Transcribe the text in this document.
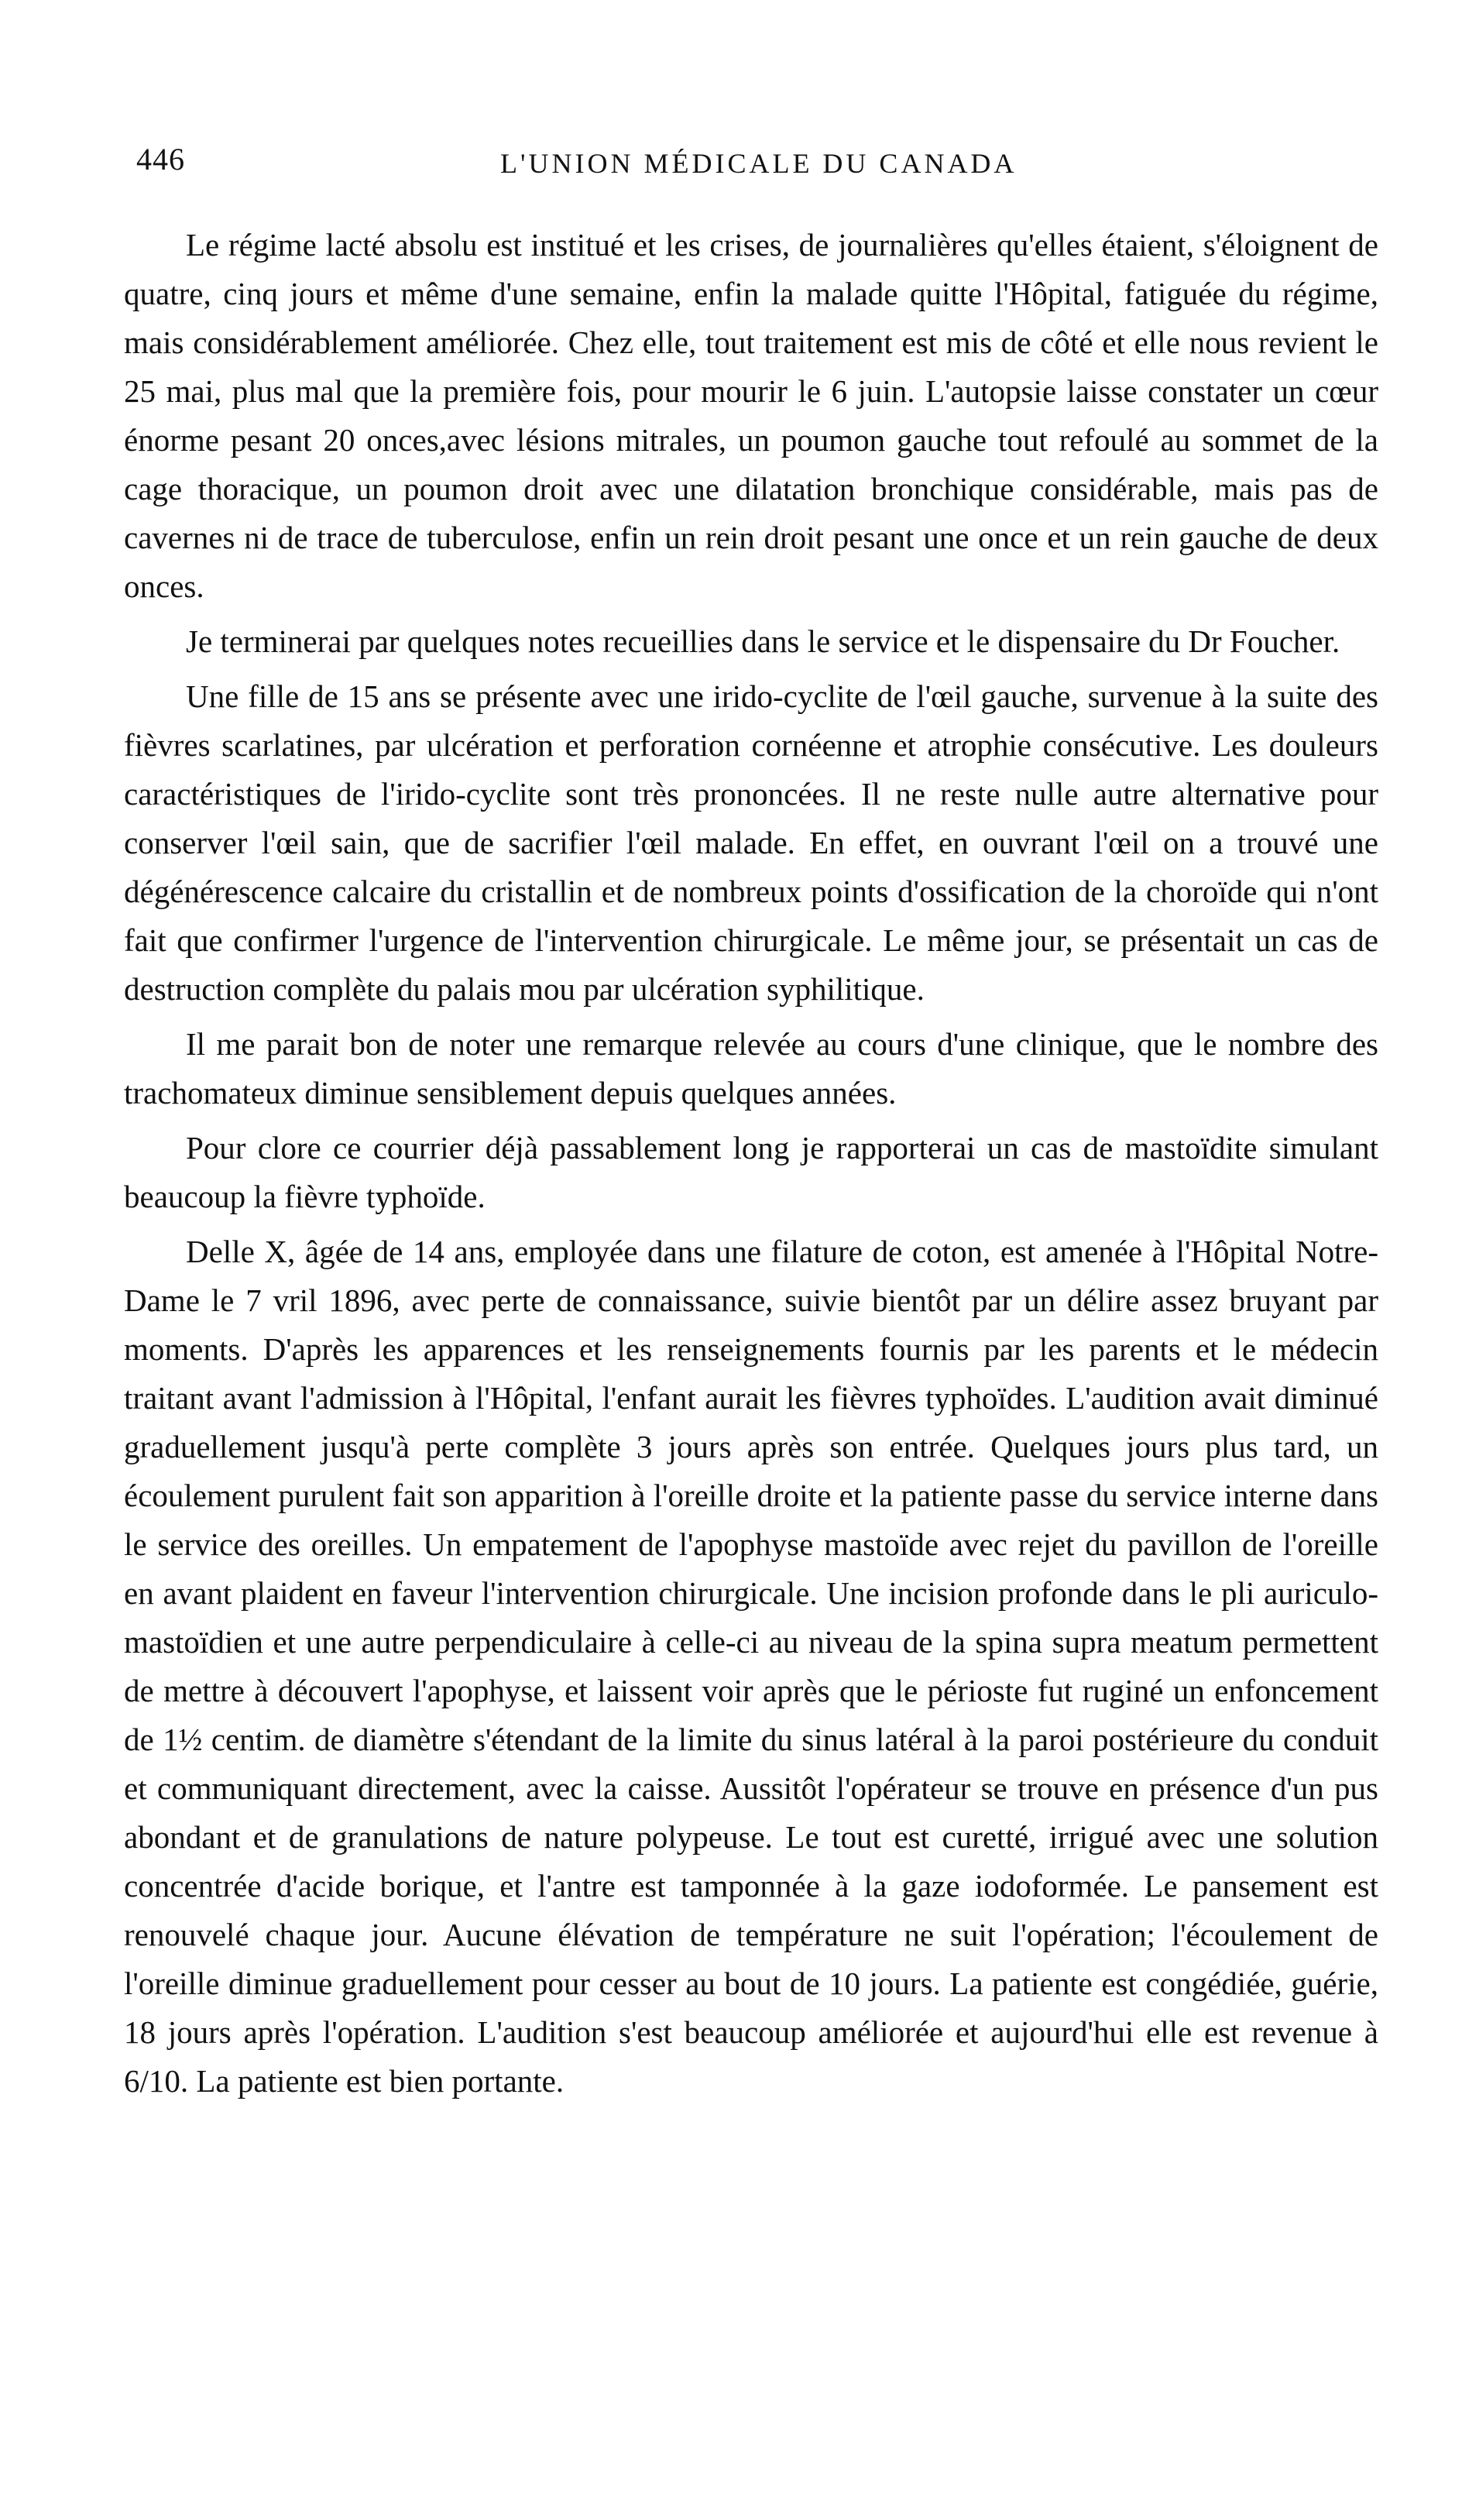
446	L'UNION MÉDICALE DU CANADA

Le régime lacté absolu est institué et les crises, de journalières qu'elles étaient, s'éloignent de quatre, cinq jours et même d'une semaine, enfin la malade quitte l'Hôpital, fatiguée du régime, mais considérablement améliorée. Chez elle, tout traitement est mis de côté et elle nous revient le 25 mai, plus mal que la première fois, pour mourir le 6 juin. L'autopsie laisse constater un cœur énorme pesant 20 onces,avec lésions mitrales, un poumon gauche tout refoulé au sommet de la cage thoracique, un poumon droit avec une dilatation bronchique considérable, mais pas de cavernes ni de trace de tuberculose, enfin un rein droit pesant une once et un rein gauche de deux onces.

Je terminerai par quelques notes recueillies dans le service et le dispensaire du Dr Foucher.

Une fille de 15 ans se présente avec une irido-cyclite de l'œil gauche, survenue à la suite des fièvres scarlatines, par ulcération et perforation cornéenne et atrophie consécutive. Les douleurs caractéristiques de l'irido-cyclite sont très prononcées. Il ne reste nulle autre alternative pour conserver l'œil sain, que de sacrifier l'œil malade. En effet, en ouvrant l'œil on a trouvé une dégénérescence calcaire du cristallin et de nombreux points d'ossification de la choroïde qui n'ont fait que confirmer l'urgence de l'intervention chirurgicale. Le même jour, se présentait un cas de destruction complète du palais mou par ulcération syphilitique.

Il me parait bon de noter une remarque relevée au cours d'une clinique, que le nombre des trachomateux diminue sensiblement depuis quelques années.

Pour clore ce courrier déjà passablement long je rapporterai un cas de mastoïdite simulant beaucoup la fièvre typhoïde.

Delle X, âgée de 14 ans, employée dans une filature de coton, est amenée à l'Hôpital Notre-Dame le 7 vril 1896, avec perte de connaissance, suivie bientôt par un délire assez bruyant par moments. D'après les apparences et les renseignements fournis par les parents et le médecin traitant avant l'admission à l'Hôpital, l'enfant aurait les fièvres typhoïdes. L'audition avait diminué graduellement jusqu'à perte complète 3 jours après son entrée. Quelques jours plus tard, un écoulement purulent fait son apparition à l'oreille droite et la patiente passe du service interne dans le service des oreilles. Un empatement de l'apophyse mastoïde avec rejet du pavillon de l'oreille en avant plaident en faveur l'intervention chirurgicale. Une incision profonde dans le pli auriculo-mastoïdien et une autre perpendiculaire à celle-ci au niveau de la spina supra meatum permettent de mettre à découvert l'apophyse, et laissent voir après que le périoste fut ruginé un enfoncement de 1½ centim. de diamètre s'étendant de la limite du sinus latéral à la paroi postérieure du conduit et communiquant directement, avec la caisse. Aussitôt l'opérateur se trouve en présence d'un pus abondant et de granulations de nature polypeuse. Le tout est curetté, irrigué avec une solution concentrée d'acide borique, et l'antre est tamponnée à la gaze iodoformée. Le pansement est renouvelé chaque jour. Aucune élévation de température ne suit l'opération; l'écoulement de l'oreille diminue graduellement pour cesser au bout de 10 jours. La patiente est congédiée, guérie, 18 jours après l'opération. L'audition s'est beaucoup améliorée et aujourd'hui elle est revenue à 6/10. La patiente est bien portante.
